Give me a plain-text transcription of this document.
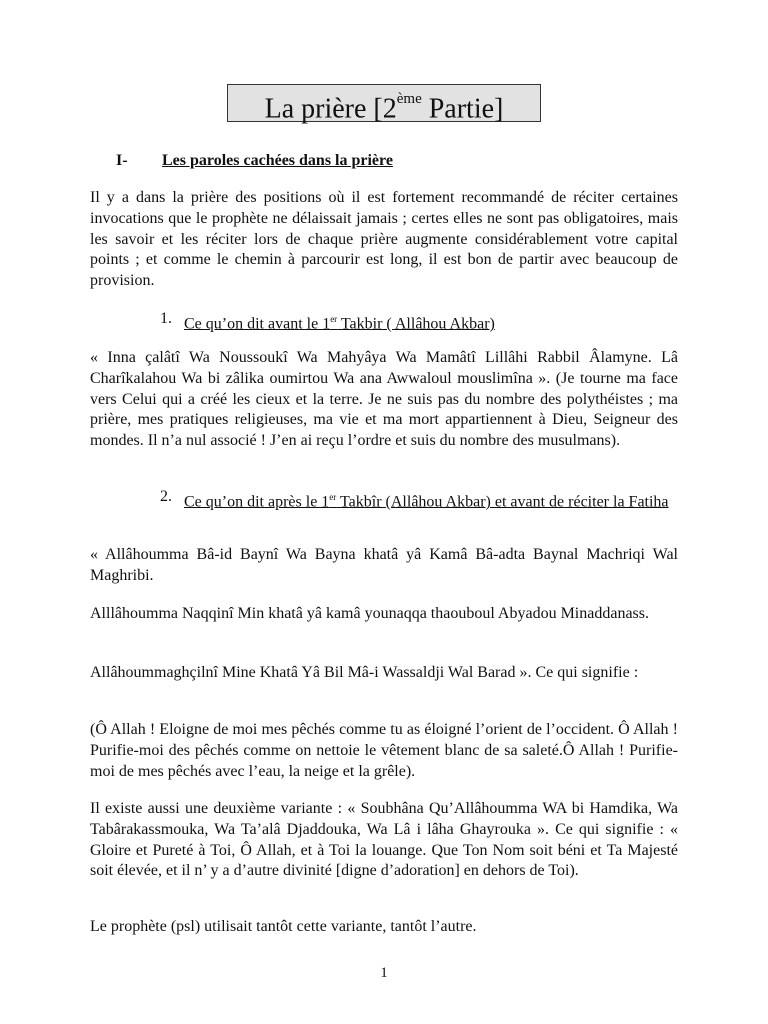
La prière [2ème Partie]
I- Les paroles cachées dans la prière

Il y a dans la prière des positions où il est fortement recommandé de réciter certaines invocations que le prophète ne délaissait jamais ; certes elles ne sont pas obligatoires, mais les savoir et les réciter lors de chaque prière augmente considérablement votre capital points ; et comme le chemin à parcourir est long, il est bon de partir avec beaucoup de provision.

1. Ce qu’on dit avant le 1er Takbir ( Allâhou Akbar)

« Inna çalâtî Wa Noussoukî Wa Mahyâya Wa Mamâtî Lillâhi Rabbil Âlamyne. Lâ Charîkalahou Wa bi zâlika oumirtou Wa ana Awwaloul mouslimîna ». (Je tourne ma face vers Celui qui a créé les cieux et la terre. Je ne suis pas du nombre des polythéistes ; ma prière, mes pratiques religieuses, ma vie et ma mort appartiennent à Dieu, Seigneur des mondes. Il n’a nul associé ! J’en ai reçu l’ordre et suis du nombre des musulmans).

2. Ce qu’on dit après le 1er Takbîr (Allâhou Akbar) et avant de réciter la Fatiha

« Allâhoumma Bâ-id Baynî Wa Bayna khatâ yâ Kamâ Bâ-adta Baynal Machriqi Wal Maghribi.

Alllâhoumma Naqqinî Min khatâ yâ kamâ younaqqa thaouboul Abyadou Minaddanass.

Allâhoummaghçilnî Mine Khatâ Yâ Bil Mâ-i Wassaldji Wal Barad ». Ce qui signifie :

(Ô Allah ! Eloigne de moi mes pêchés comme tu as éloigné l’orient de l’occident. Ô Allah ! Purifie-moi des pêchés comme on nettoie le vêtement blanc de sa saleté.Ô Allah ! Purifie-moi de mes pêchés avec l’eau, la neige et la grêle).

Il existe aussi une deuxième variante : « Soubhâna Qu’Allâhoumma WA bi Hamdika, Wa Tabârakassmouka, Wa Ta’alâ Djaddouka, Wa Lâ i lâha Ghayrouka ». Ce qui signifie : « Gloire et Pureté à Toi, Ô Allah, et à Toi la louange. Que Ton Nom soit béni et Ta Majesté soit élevée, et il n’ y a d’autre divinité [digne d’adoration] en dehors de Toi).

Le prophète (psl) utilisait tantôt cette variante, tantôt l’autre.

1
